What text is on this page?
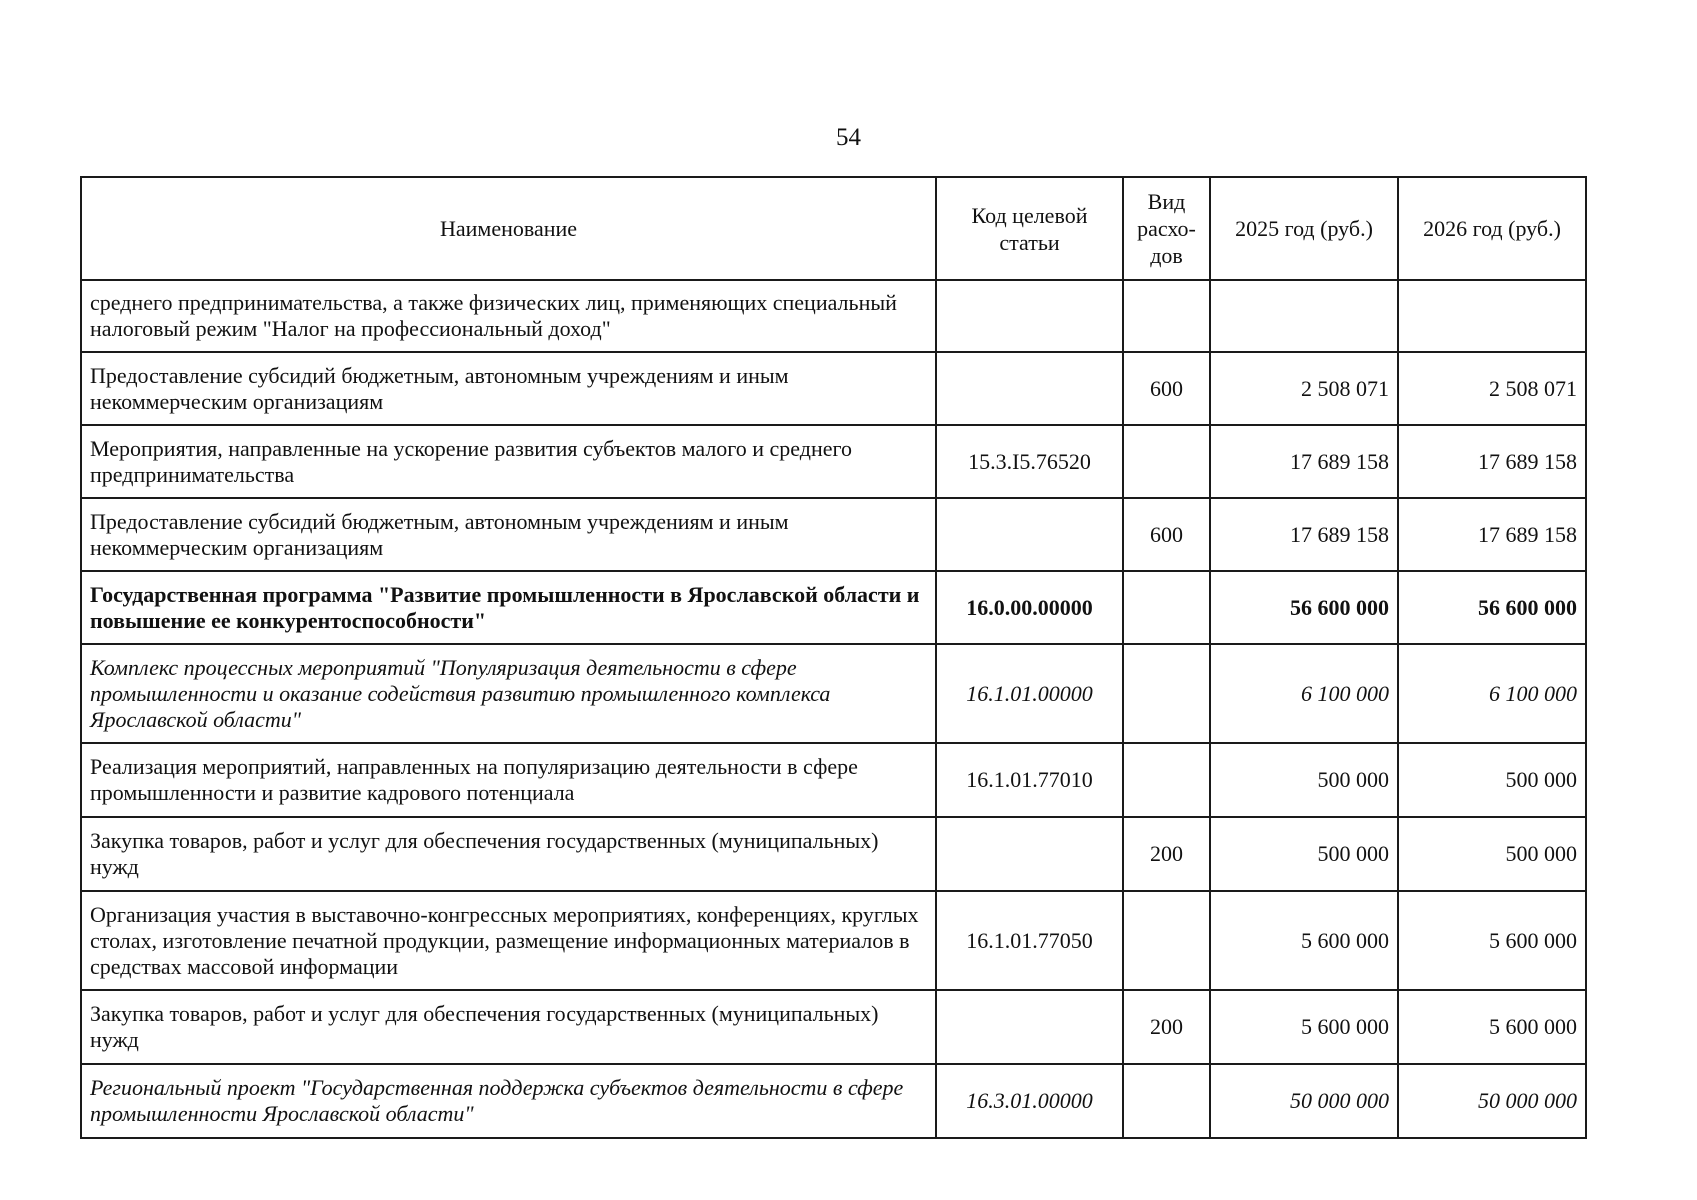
54
Наименование	Код целевой статьи	Вид расхо-дов	2025 год (руб.)	2026 год (руб.)
среднего предпринимательства, а также физических лиц, применяющих специальный налоговый режим "Налог на профессиональный доход"				
Предоставление субсидий бюджетным, автономным учреждениям и иным некоммерческим организациям		600	2 508 071	2 508 071
Мероприятия, направленные на ускорение развития субъектов малого и среднего предпринимательства	15.3.I5.76520		17 689 158	17 689 158
Предоставление субсидий бюджетным, автономным учреждениям и иным некоммерческим организациям		600	17 689 158	17 689 158
Государственная программа "Развитие промышленности в Ярославской области и повышение ее конкурентоспособности"	16.0.00.00000		56 600 000	56 600 000
Комплекс процессных мероприятий "Популяризация деятельности в сфере промышленности и оказание содействия развитию промышленного комплекса Ярославской области"	16.1.01.00000		6 100 000	6 100 000
Реализация мероприятий, направленных на популяризацию деятельности в сфере промышленности и развитие кадрового потенциала	16.1.01.77010		500 000	500 000
Закупка товаров, работ и услуг для обеспечения государственных (муниципальных) нужд		200	500 000	500 000
Организация участия в выставочно-конгрессных мероприятиях, конференциях, круглых столах, изготовление печатной продукции, размещение информационных материалов в средствах массовой информации	16.1.01.77050		5 600 000	5 600 000
Закупка товаров, работ и услуг для обеспечения государственных (муниципальных) нужд		200	5 600 000	5 600 000
Региональный проект "Государственная поддержка субъектов деятельности в сфере промышленности Ярославской области"	16.3.01.00000		50 000 000	50 000 000
